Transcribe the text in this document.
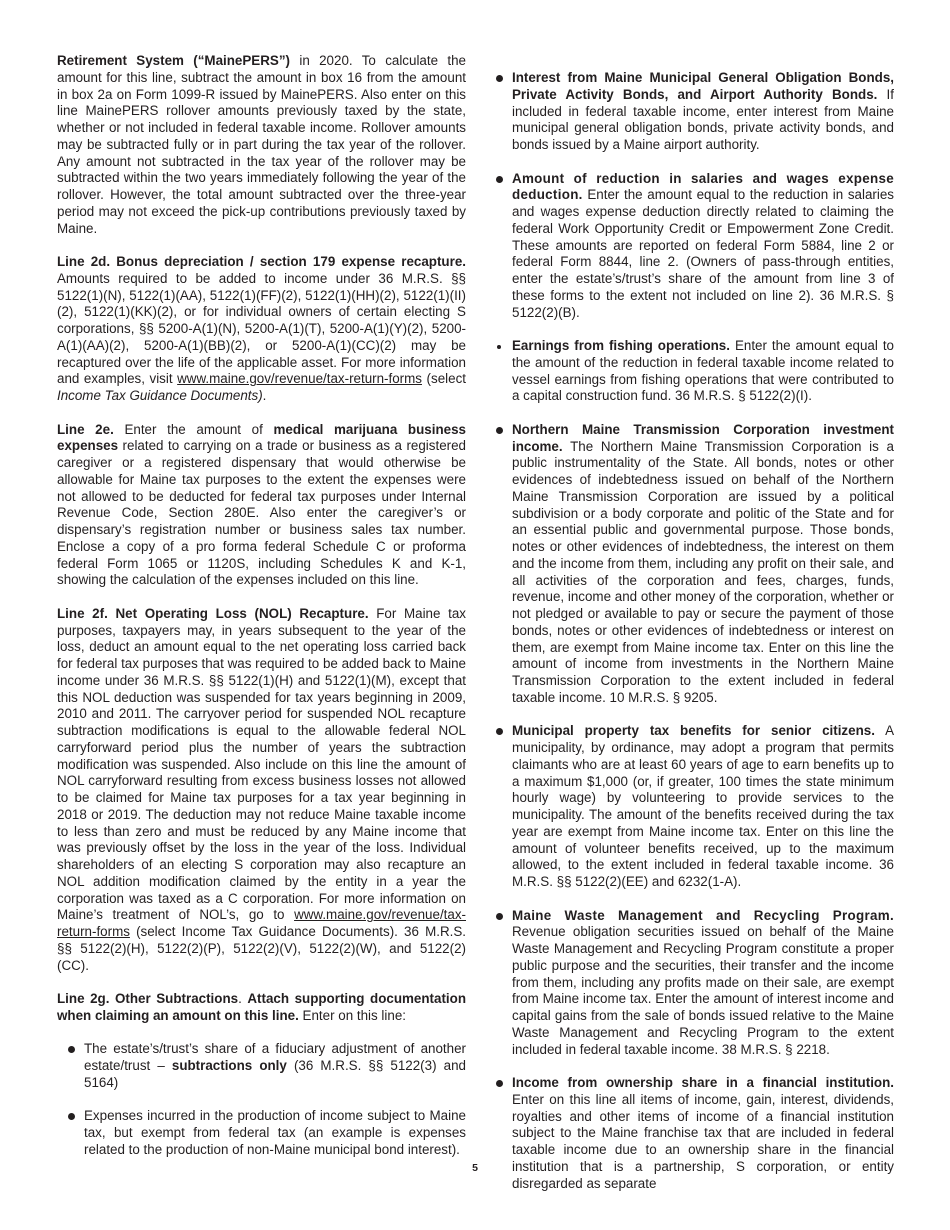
Retirement System (“MainePERS”) in 2020. To calculate the amount for this line, subtract the amount in box 16 from the amount in box 2a on Form 1099-R issued by MainePERS. Also enter on this line MainePERS rollover amounts previously taxed by the state, whether or not included in federal taxable income. Rollover amounts may be subtracted fully or in part during the tax year of the rollover. Any amount not subtracted in the tax year of the rollover may be subtracted within the two years immediately following the year of the rollover. However, the total amount subtracted over the three-year period may not exceed the pick-up contributions previously taxed by Maine.

Line 2d. Bonus depreciation / section 179 expense recapture. Amounts required to be added to income under 36 M.R.S. §§ 5122(1)(N), 5122(1)(AA), 5122(1)(FF)(2), 5122(1)(HH)(2), 5122(1)(II)(2), 5122(1)(KK)(2), or for individual owners of certain electing S corporations, §§ 5200-A(1)(N), 5200-A(1)(T), 5200-A(1)(Y)(2), 5200-A(1)(AA)(2), 5200-A(1)(BB)(2), or 5200-A(1)(CC)(2) may be recaptured over the life of the applicable asset. For more information and examples, visit www.maine.gov/revenue/tax-return-forms (select Income Tax Guidance Documents).

Line 2e. Enter the amount of medical marijuana business expenses related to carrying on a trade or business as a registered caregiver or a registered dispensary that would otherwise be allowable for Maine tax purposes to the extent the expenses were not allowed to be deducted for federal tax purposes under Internal Revenue Code, Section 280E. Also enter the caregiver’s or dispensary’s registration number or business sales tax number. Enclose a copy of a pro forma federal Schedule C or proforma federal Form 1065 or 1120S, including Schedules K and K-1, showing the calculation of the expenses included on this line.

Line 2f. Net Operating Loss (NOL) Recapture. For Maine tax purposes, taxpayers may, in years subsequent to the year of the loss, deduct an amount equal to the net operating loss carried back for federal tax purposes that was required to be added back to Maine income under 36 M.R.S. §§ 5122(1)(H) and 5122(1)(M), except that this NOL deduction was suspended for tax years beginning in 2009, 2010 and 2011. The carryover period for suspended NOL recapture subtraction modifications is equal to the allowable federal NOL carryforward period plus the number of years the subtraction modification was suspended. Also include on this line the amount of NOL carryforward resulting from excess business losses not allowed to be claimed for Maine tax purposes for a tax year beginning in 2018 or 2019. The deduction may not reduce Maine taxable income to less than zero and must be reduced by any Maine income that was previously offset by the loss in the year of the loss. Individual shareholders of an electing S corporation may also recapture an NOL addition modification claimed by the entity in a year the corporation was taxed as a C corporation. For more information on Maine’s treatment of NOL’s, go to www.maine.gov/revenue/tax-return-forms (select Income Tax Guidance Documents). 36 M.R.S. §§ 5122(2)(H), 5122(2)(P), 5122(2)(V), 5122(2)(W), and 5122(2)(CC).

Line 2g. Other Subtractions. Attach supporting documentation when claiming an amount on this line. Enter on this line:

The estate’s/trust’s share of a fiduciary adjustment of another estate/trust – subtractions only (36 M.R.S. §§ 5122(3) and 5164)
Expenses incurred in the production of income subject to Maine tax, but exempt from federal tax (an example is expenses related to the production of non-Maine municipal bond interest).
Interest from Maine Municipal General Obligation Bonds, Private Activity Bonds, and Airport Authority Bonds. If included in federal taxable income, enter interest from Maine municipal general obligation bonds, private activity bonds, and bonds issued by a Maine airport authority.
Amount of reduction in salaries and wages expense deduction. Enter the amount equal to the reduction in salaries and wages expense deduction directly related to claiming the federal Work Opportunity Credit or Empowerment Zone Credit. These amounts are reported on federal Form 5884, line 2 or federal Form 8844, line 2. (Owners of pass-through entities, enter the estate’s/trust’s share of the amount from line 3 of these forms to the extent not included on line 2). 36 M.R.S. § 5122(2)(B).
Earnings from fishing operations. Enter the amount equal to the amount of the reduction in federal taxable income related to vessel earnings from fishing operations that were contributed to a capital construction fund. 36 M.R.S. § 5122(2)(I).
Northern Maine Transmission Corporation investment income. The Northern Maine Transmission Corporation is a public instrumentality of the State. All bonds, notes or other evidences of indebtedness issued on behalf of the Northern Maine Transmission Corporation are issued by a political subdivision or a body corporate and politic of the State and for an essential public and governmental purpose. Those bonds, notes or other evidences of indebtedness, the interest on them and the income from them, including any profit on their sale, and all activities of the corporation and fees, charges, funds, revenue, income and other money of the corporation, whether or not pledged or available to pay or secure the payment of those bonds, notes or other evidences of indebtedness or interest on them, are exempt from Maine income tax. Enter on this line the amount of income from investments in the Northern Maine Transmission Corporation to the extent included in federal taxable income. 10 M.R.S. § 9205.
Municipal property tax benefits for senior citizens. A municipality, by ordinance, may adopt a program that permits claimants who are at least 60 years of age to earn benefits up to a maximum $1,000 (or, if greater, 100 times the state minimum hourly wage) by volunteering to provide services to the municipality. The amount of the benefits received during the tax year are exempt from Maine income tax. Enter on this line the amount of volunteer benefits received, up to the maximum allowed, to the extent included in federal taxable income. 36 M.R.S. §§ 5122(2)(EE) and 6232(1-A).
Maine Waste Management and Recycling Program. Revenue obligation securities issued on behalf of the Maine Waste Management and Recycling Program constitute a proper public purpose and the securities, their transfer and the income from them, including any profits made on their sale, are exempt from Maine income tax. Enter the amount of interest income and capital gains from the sale of bonds issued relative to the Maine Waste Management and Recycling Program to the extent included in federal taxable income. 38 M.R.S. § 2218.
Income from ownership share in a financial institution. Enter on this line all items of income, gain, interest, dividends, royalties and other items of income of a financial institution subject to the Maine franchise tax that are included in federal taxable income due to an ownership share in the financial institution that is a partnership, S corporation, or entity disregarded as separate
5
